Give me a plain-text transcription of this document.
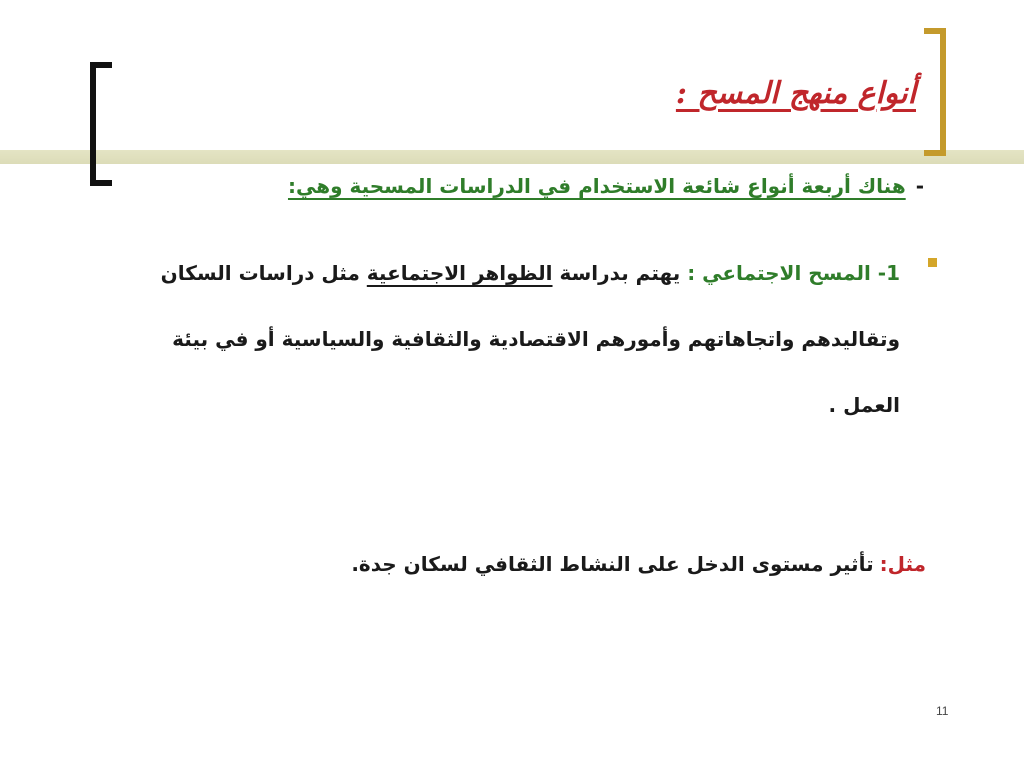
أنواع منهج المسح :
-هناك أربعة أنواع شائعة الاستخدام في الدراسات المسحية وهي:

1- المسح الاجتماعي : يهتم بدراسة الظواهر الاجتماعية مثل دراسات السكان وتقاليدهم واتجاهاتهم وأمورهم الاقتصادية والثقافية والسياسية أو في بيئة العمل .

مثل:تأثير مستوى الدخل على النشاط الثقافي لسكان جدة.
11
